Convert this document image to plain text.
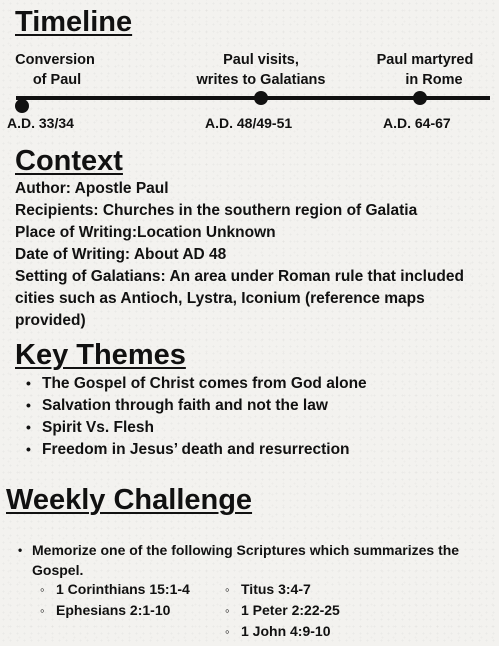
Timeline
Conversion
of Paul
Paul visits,
writes to Galatians
Paul martyred
in Rome
A.D. 33/34	A.D. 48/49-51	A.D. 64-67
Context
Author: Apostle Paul
Recipients: Churches in the southern region of Galatia
Place of Writing:Location Unknown
Date of Writing: About AD 48
Setting of Galatians: An area under Roman rule that included cities such as Antioch, Lystra, Iconium (reference maps provided)
Key Themes
• The Gospel of Christ comes from God alone
• Salvation through faith and not the law
• Spirit Vs. Flesh
• Freedom in Jesus’ death and resurrection
Weekly Challenge
• Memorize one of the following Scriptures which summarizes the Gospel.
◦ 1 Corinthians 15:1-4
◦ Ephesians 2:1-10
◦ Titus 3:4-7
◦ 1 Peter 2:22-25
◦ 1 John 4:9-10
